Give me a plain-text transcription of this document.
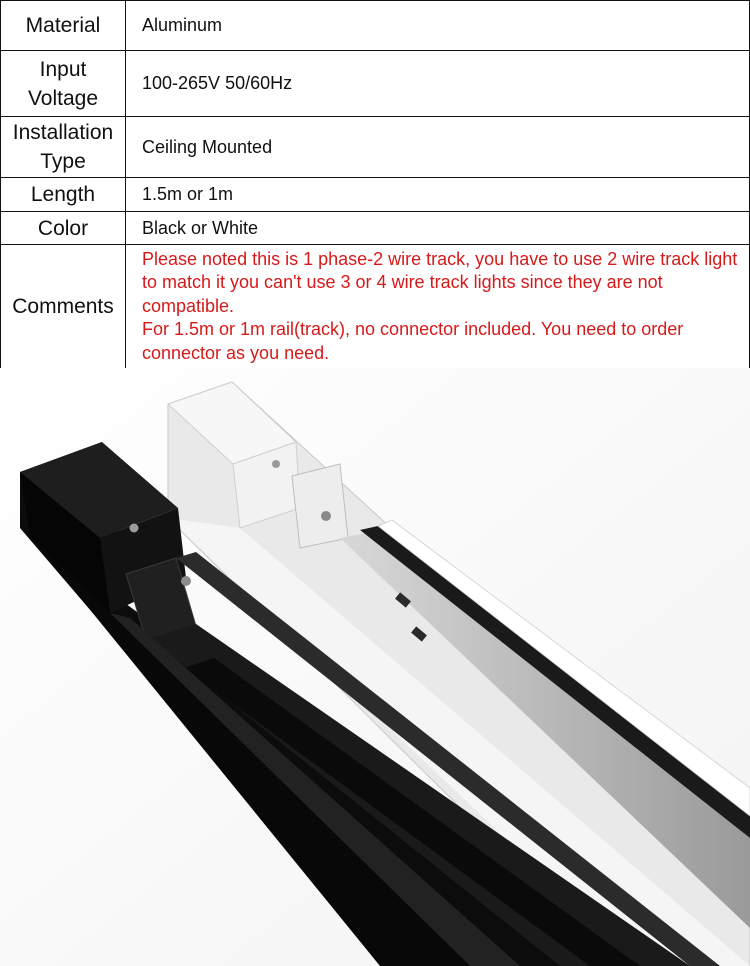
Material	Aluminum

Input
Voltage	100-265V 50/60Hz

Installation
Type	Ceiling Mounted
Length	1.5m or 1m
Color	Black or White
Comments	Please noted this is 1 phase-2 wire track, you have to use 2 wire track light to match it you can't use 3 or 4 wire track lights since they are not compatible.
For 1.5m or 1m rail(track), no connector included. You need to order connector as you need.
